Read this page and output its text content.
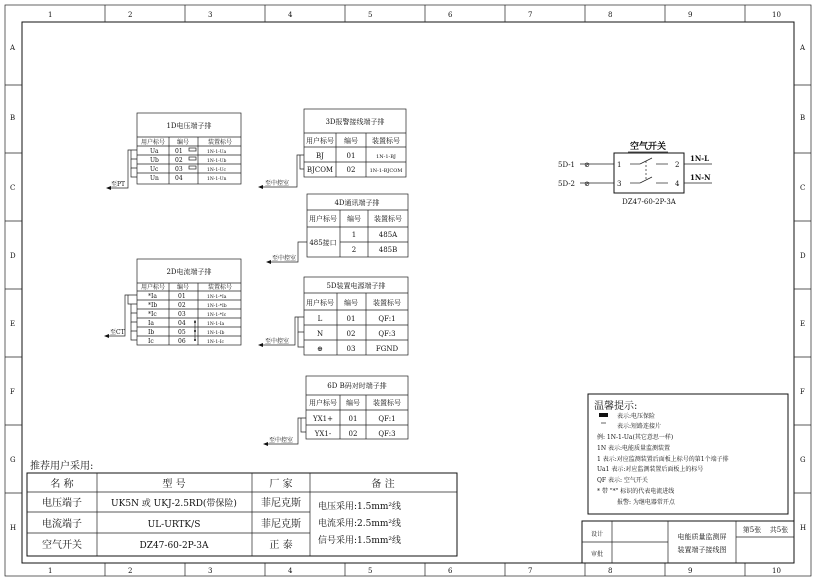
1	2	3	4	5	6	7	8	9	10
1	2	3	4	5	6	7	8	9	10
A
B
C
D
E
F
G
H
A
B
C
D
E
F
G
H
1D电压端子排
用户标号 编号	装置标号
Ua	01	1N-1-Ua
Ub	02	1N-1-Ub
Uc	03	1N-1-Uc
Un	04	1N-1-Un
至PT
3D报警接线端子排
用户标号 编号 装置标号
BJ	01	1N-1-BJ
BJCOM 02	1N-1-BJCOM
至中控室
4D通讯端子排
用户标号 编号 装置标号
485接口
1	485A
2	485B
至中控室
2D电流端子排
用户标号 编号	装置标号
*Ia	01	1N-1-*Ia
*Ib	02	1N-1-*Ib
*Ic	03	1N-1-*Ic
Ia	04	1N-1-Ia
Ib	05	1N-1-Ib
Ic	06	1N-1-Ic
至CT
5D装置电源端子排
用户标号 编号 装置标号
L	01	QF:1
N	02	QF:3
⊕	03	FGND
至中控室
6D B码对时端子排
用户标号 编号 装置标号
YX1+ 01	QF:1
YX1- 02	QF:3
至中控室
空气开关
5D-1
5D-2
⊘
⊘
1
3
2
4
1N-L
1N-N
DZ47-60-2P-3A
推荐用户采用:
名 称	型 号	厂 家	备 注
电压端子	UK5N 或 UKJ-2.5RD(带保险) 菲尼克斯
电流端子	UL-URTK/S	菲尼克斯
空气开关	DZ47-60-2P-3A	正 泰
电压采用:1.5mm²线
电流采用:2.5mm²线
信号采用:1.5mm²线
温馨提示:
表示:电压保险
表示:短路连接片
例: 1N-1-Ua(其它意思一样)
1N 表示:电能质量监测装置
1 表示:对应监测装置后面板上标号的第1个端子排
Ua1 表示:对应监测装置后面板上的标号
QF 表示: 空气开关
* 带 "*" 标识的代表电流进线
报警: 为继电器常开点
设计
审批
电能质量监测屏
装置端子接线图
第5张 共5张
